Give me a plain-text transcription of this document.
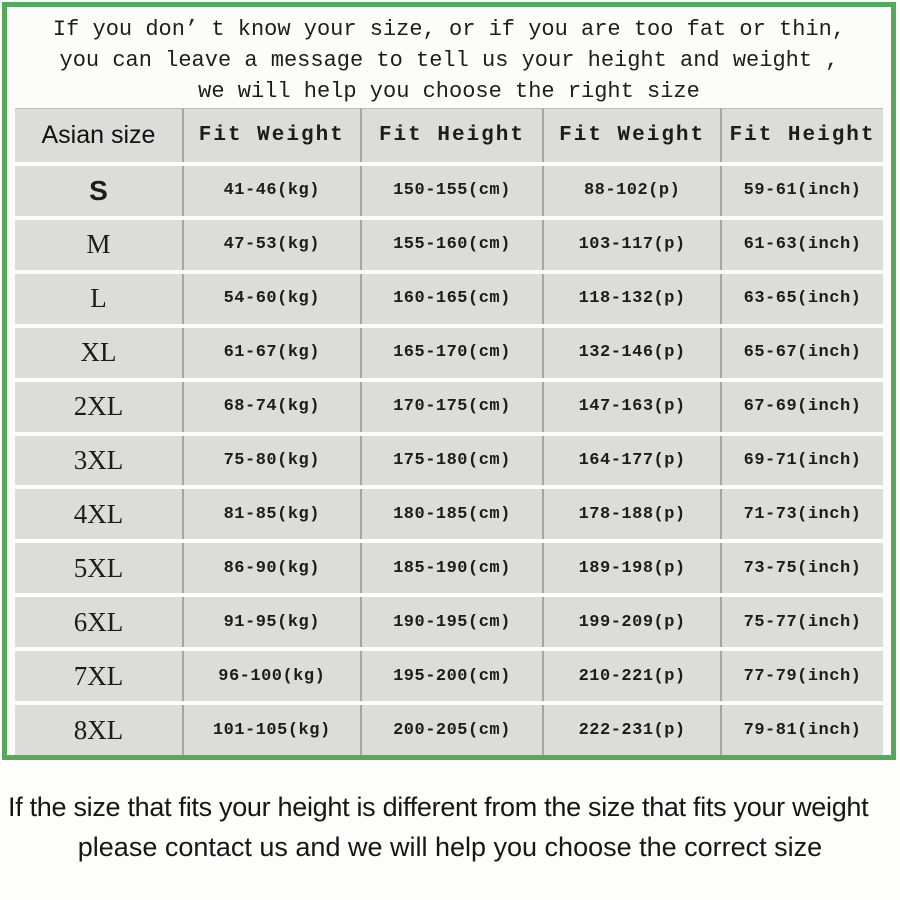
If you don’ t know your size, or if you are too fat or thin,
you can leave a message to tell us your height and weight ,
we will help you choose the right size
Asian size	Fit Weight	Fit Height	Fit Weight	Fit Height
S	41-46(kg)	150-155(cm)	88-102(p)	59-61(inch)
M	47-53(kg)	155-160(cm)	103-117(p)	61-63(inch)
L	54-60(kg)	160-165(cm)	118-132(p)	63-65(inch)
XL	61-67(kg)	165-170(cm)	132-146(p)	65-67(inch)
2XL	68-74(kg)	170-175(cm)	147-163(p)	67-69(inch)
3XL	75-80(kg)	175-180(cm)	164-177(p)	69-71(inch)
4XL	81-85(kg)	180-185(cm)	178-188(p)	71-73(inch)
5XL	86-90(kg)	185-190(cm)	189-198(p)	73-75(inch)
6XL	91-95(kg)	190-195(cm)	199-209(p)	75-77(inch)
7XL	96-100(kg)	195-200(cm)	210-221(p)	77-79(inch)
8XL	101-105(kg)	200-205(cm)	222-231(p)	79-81(inch)
If the size that fits your height is different from the size that fits your weight
please contact us and we will help you choose the correct size
